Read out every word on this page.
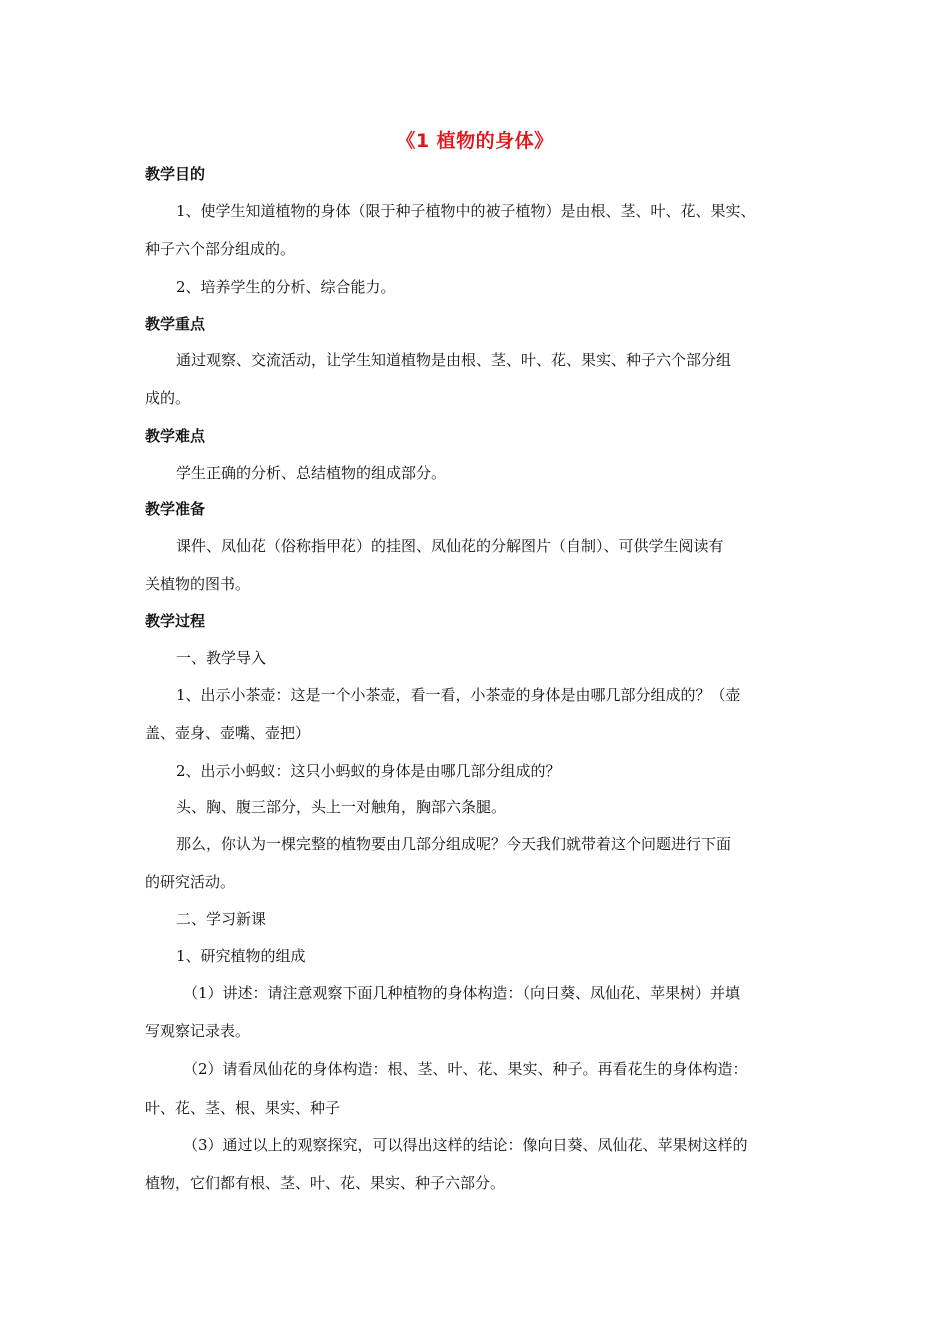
《1 植物的身体》
教学目的
1、使学生知道植物的身体（限于种子植物中的被子植物）是由根、茎、叶、花、果实、
种子六个部分组成的。
2、培养学生的分析、综合能力。
教学重点
通过观察、交流活动，让学生知道植物是由根、茎、叶、花、果实、种子六个部分组
成的。
教学难点
学生正确的分析、总结植物的组成部分。
教学准备
课件、凤仙花（俗称指甲花）的挂图、凤仙花的分解图片（自制）、可供学生阅读有
关植物的图书。
教学过程
一、教学导入
1、出示小茶壶：这是一个小茶壶，看一看，小茶壶的身体是由哪几部分组成的？（壶
盖、壶身、壶嘴、壶把）
2、出示小蚂蚁：这只小蚂蚁的身体是由哪几部分组成的？
头、胸、腹三部分，头上一对触角，胸部六条腿。
那么，你认为一棵完整的植物要由几部分组成呢？今天我们就带着这个问题进行下面
的研究活动。
二、学习新课
1、研究植物的组成
（1）讲述：请注意观察下面几种植物的身体构造：（向日葵、凤仙花、苹果树）并填
写观察记录表。
（2）请看凤仙花的身体构造：根、茎、叶、花、果实、种子。再看花生的身体构造：
叶、花、茎、根、果实、种子
（3）通过以上的观察探究，可以得出这样的结论：像向日葵、凤仙花、苹果树这样的
植物，它们都有根、茎、叶、花、果实、种子六部分。
